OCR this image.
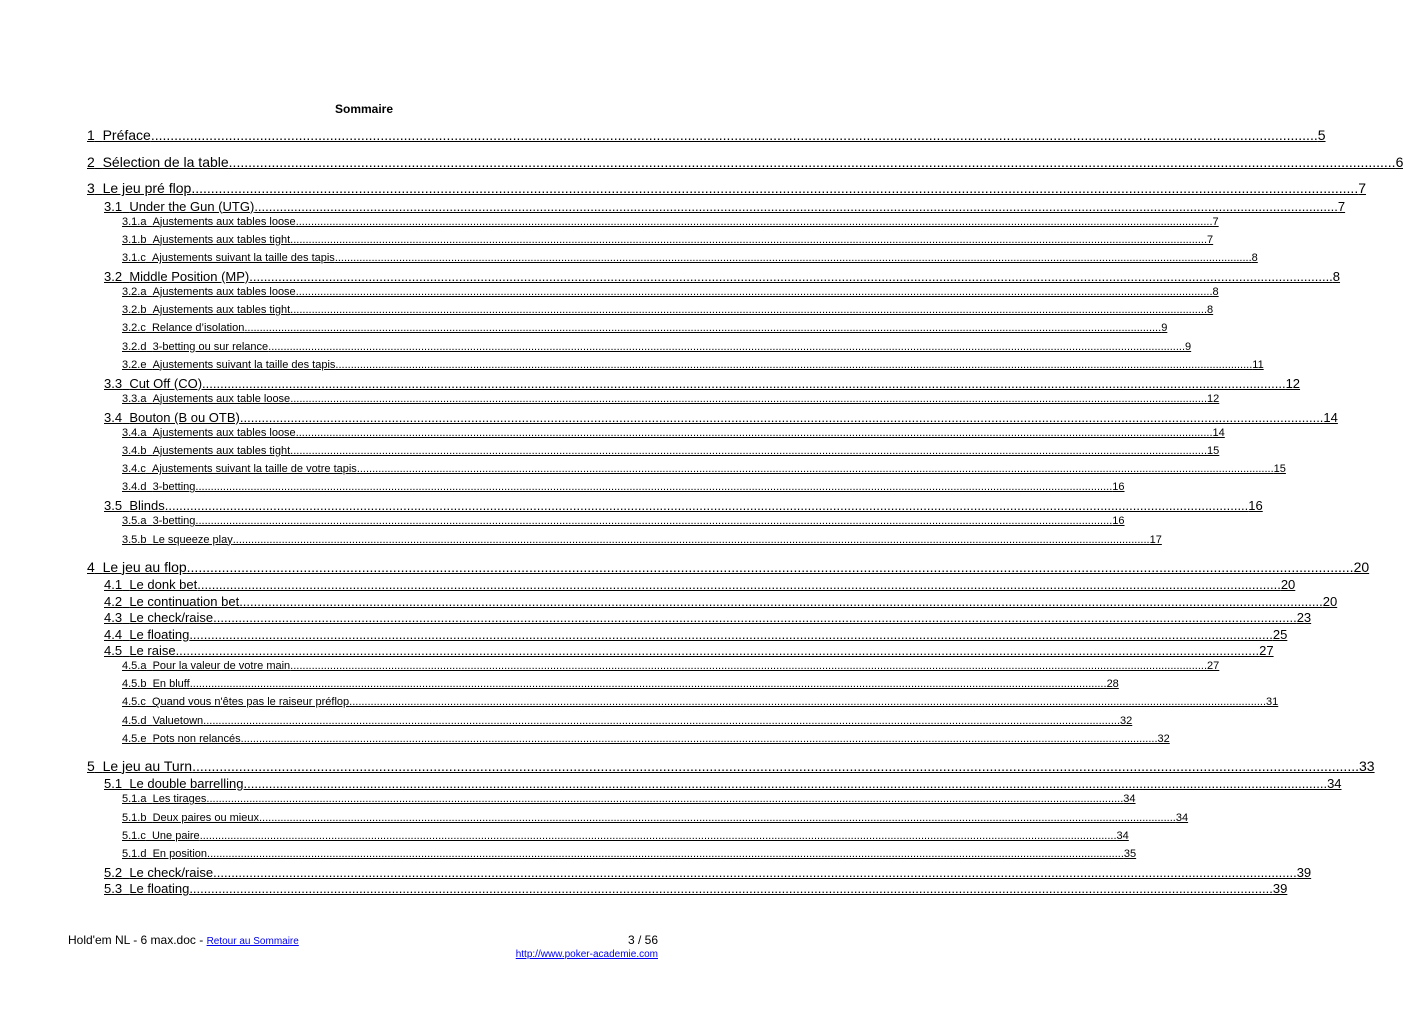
Sommaire
1 Préface ............................................................................................................................................................................................................................................................................................................ 5
2 Sélection de la table ............................................................................................................................................................................................................................................................................................................ 6
3 Le jeu pré flop ............................................................................................................................................................................................................................................................................................................ 7
3.1 Under the Gun (UTG) ............................................................................................................................................................................................................................................................................................................ 7
3.1.a Ajustements aux tables loose ............................................................................................................................................................................................................................................................................................................ 7
3.1.b Ajustements aux tables tight ............................................................................................................................................................................................................................................................................................................ 7
3.1.c Ajustements suivant la taille des tapis ............................................................................................................................................................................................................................................................................................................ 8
3.2 Middle Position (MP) ............................................................................................................................................................................................................................................................................................................ 8
3.2.a Ajustements aux tables loose ............................................................................................................................................................................................................................................................................................................ 8
3.2.b Ajustements aux tables tight ............................................................................................................................................................................................................................................................................................................ 8
3.2.c Relance d’isolation ............................................................................................................................................................................................................................................................................................................ 9
3.2.d 3-betting ou sur relance ............................................................................................................................................................................................................................................................................................................ 9
3.2.e Ajustements suivant la taille des tapis ............................................................................................................................................................................................................................................................................................................ 11
3.3 Cut Off (CO) ............................................................................................................................................................................................................................................................................................................ 12
3.3.a Ajustements aux table loose ............................................................................................................................................................................................................................................................................................................ 12
3.4 Bouton (B ou OTB) ............................................................................................................................................................................................................................................................................................................ 14
3.4.a Ajustements aux tables loose ............................................................................................................................................................................................................................................................................................................ 14
3.4.b Ajustements aux tables tight ............................................................................................................................................................................................................................................................................................................ 15
3.4.c Ajustements suivant la taille de votre tapis ............................................................................................................................................................................................................................................................................................................ 15
3.4.d 3-betting ............................................................................................................................................................................................................................................................................................................ 16
3.5 Blinds ............................................................................................................................................................................................................................................................................................................ 16
3.5.a 3-betting ............................................................................................................................................................................................................................................................................................................ 16
3.5.b Le squeeze play ............................................................................................................................................................................................................................................................................................................ 17
4 Le jeu au flop ............................................................................................................................................................................................................................................................................................................ 20
4.1 Le donk bet ............................................................................................................................................................................................................................................................................................................ 20
4.2 Le continuation bet ............................................................................................................................................................................................................................................................................................................ 20
4.3 Le check/raise ............................................................................................................................................................................................................................................................................................................ 23
4.4 Le floating ............................................................................................................................................................................................................................................................................................................ 25
4.5 Le raise ............................................................................................................................................................................................................................................................................................................ 27
4.5.a Pour la valeur de votre main ............................................................................................................................................................................................................................................................................................................ 27
4.5.b En bluff ............................................................................................................................................................................................................................................................................................................ 28
4.5.c Quand vous n'êtes pas le raiseur préflop ............................................................................................................................................................................................................................................................................................................ 31
4.5.d Valuetown ............................................................................................................................................................................................................................................................................................................ 32
4.5.e Pots non relancés ............................................................................................................................................................................................................................................................................................................ 32
5 Le jeu au Turn ............................................................................................................................................................................................................................................................................................................ 33
5.1 Le double barrelling ............................................................................................................................................................................................................................................................................................................ 34
5.1.a Les tirages ............................................................................................................................................................................................................................................................................................................ 34
5.1.b Deux paires ou mieux ............................................................................................................................................................................................................................................................................................................ 34
5.1.c Une paire ............................................................................................................................................................................................................................................................................................................ 34
5.1.d En position ............................................................................................................................................................................................................................................................................................................ 35
5.2 Le check/raise ............................................................................................................................................................................................................................................................................................................ 39
5.3 Le floating ............................................................................................................................................................................................................................................................................................................ 39
Hold'em NL - 6 max.doc - Retour au Sommaire	3 / 56
http://www.poker-academie.com
